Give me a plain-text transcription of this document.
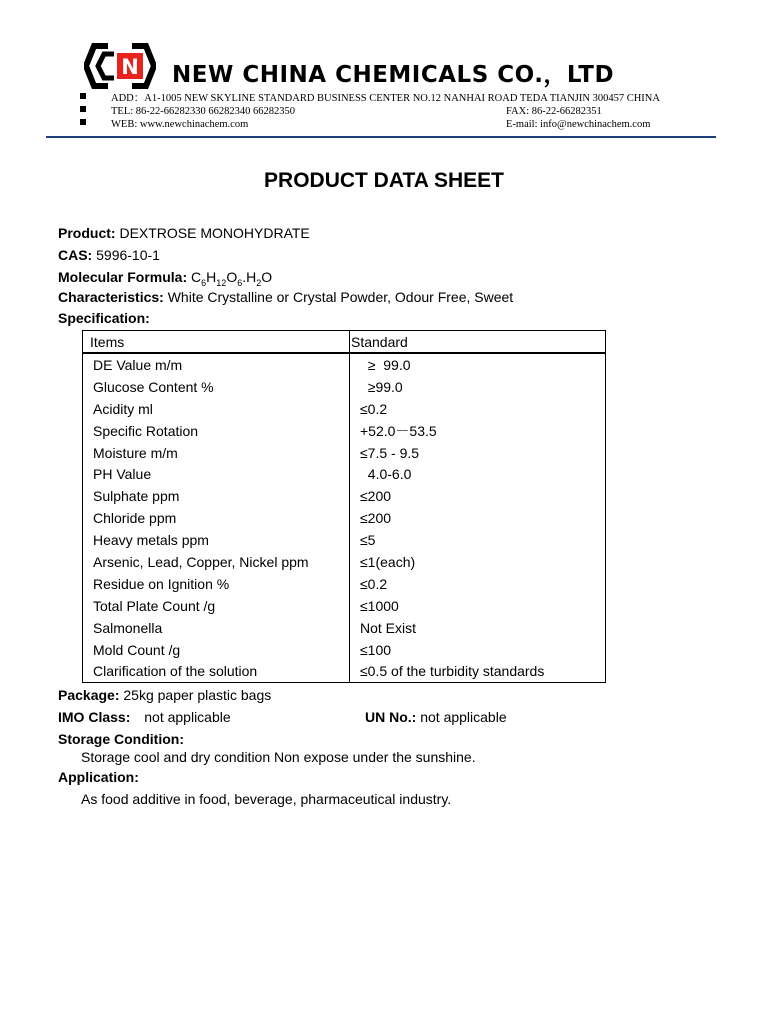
N NEW CHINA CHEMICALS CO.，LTD
ADD：A1-1005 NEW SKYLINE STANDARD BUSINESS CENTER NO.12 NANHAI ROAD TEDA TIANJIN 300457 CHINA
TEL: 86-22-66282330 66282340 66282350	FAX: 86-22-66282351
WEB: www.newchinachem.com	E-mail: info@newchinachem.com
PRODUCT DATA SHEET
Product: DEXTROSE MONOHYDRATE
CAS: 5996-10-1
Molecular Formula: $C_6H_{12}O_6.H_2O$
Characteristics: White Crystalline or Crystal Powder, Odour Free, Sweet
Specification:
Items	Standard
DE Value m/m	≥  99.0
Glucose Content %	≥99.0
Acidity ml	≤0.2
Specific Rotation	+52.0－53.5
Moisture m/m	≤7.5 - 9.5
PH Value	4.0-6.0
Sulphate ppm	≤200
Chloride ppm	≤200
Heavy metals ppm	≤5
Arsenic, Lead, Copper, Nickel ppm	≤1(each)
Residue on Ignition %	≤0.2
Total Plate Count /g	≤1000
Salmonella	Not Exist
Mold Count /g	≤100
Clarification of the solution	≤0.5 of the turbidity standards
Package: 25kg paper plastic bags
IMO Class: not applicable	UN No.: not applicable
Storage Condition:
Storage cool and dry condition Non expose under the sunshine.
Application:
As food additive in food, beverage, pharmaceutical industry.
